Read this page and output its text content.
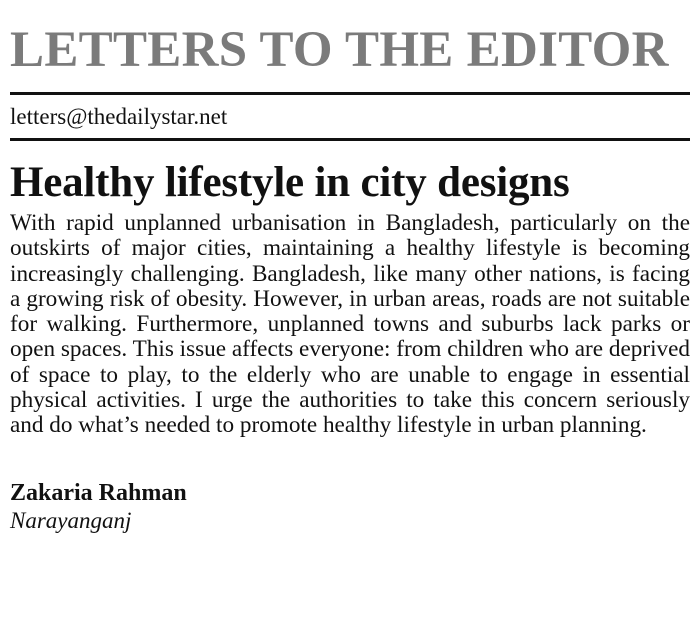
LETTERS TO THE EDITOR
letters@thedailystar.net
Healthy lifestyle in city designs

With rapid unplanned urbanisation in Bangladesh, particularly on the outskirts of major cities, maintaining a healthy lifestyle is becoming increasingly challenging. Bangladesh, like many other nations, is facing a growing risk of obesity. However, in urban areas, roads are not suitable for walking. Furthermore, unplanned towns and suburbs lack parks or open spaces. This issue affects everyone: from children who are deprived of space to play, to the elderly who are unable to engage in essential physical activities. I urge the authorities to take this concern seriously and do what’s needed to promote healthy lifestyle in urban planning.

Zakaria Rahman
Narayanganj
